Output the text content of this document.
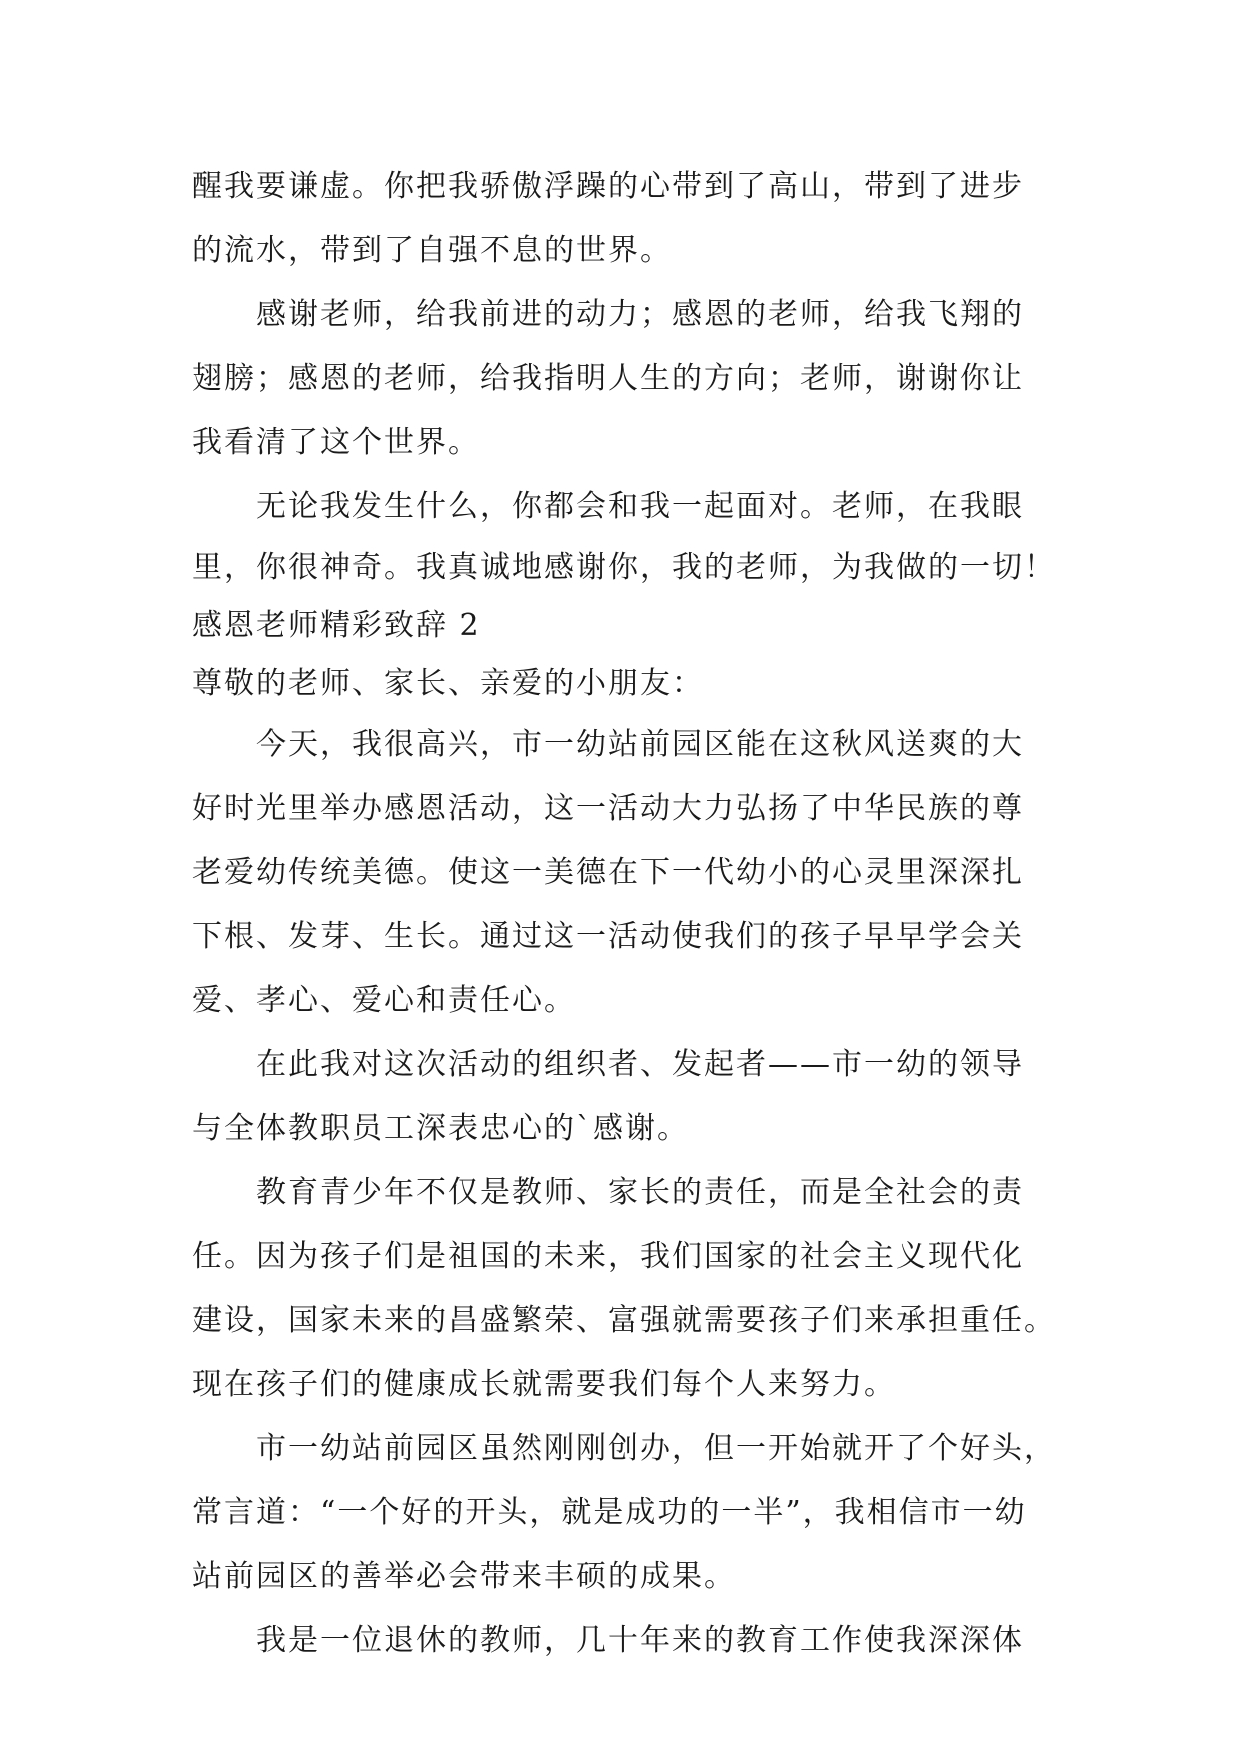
醒我要谦虚。你把我骄傲浮躁的心带到了高山，带到了进步
的流水，带到了自强不息的世界。
感谢老师，给我前进的动力；感恩的老师，给我飞翔的
翅膀；感恩的老师，给我指明人生的方向；老师，谢谢你让
我看清了这个世界。
无论我发生什么，你都会和我一起面对。老师，在我眼
里，你很神奇。我真诚地感谢你，我的老师，为我做的一切！
感恩老师精彩致辞 2
尊敬的老师、家长、亲爱的小朋友：
今天，我很高兴，市一幼站前园区能在这秋风送爽的大
好时光里举办感恩活动，这一活动大力弘扬了中华民族的尊
老爱幼传统美德。使这一美德在下一代幼小的心灵里深深扎
下根、发芽、生长。通过这一活动使我们的孩子早早学会关
爱、孝心、爱心和责任心。
在此我对这次活动的组织者、发起者——市一幼的领导
与全体教职员工深表忠心的`感谢。
教育青少年不仅是教师、家长的责任，而是全社会的责
任。因为孩子们是祖国的未来，我们国家的社会主义现代化
建设，国家未来的昌盛繁荣、富强就需要孩子们来承担重任。
现在孩子们的健康成长就需要我们每个人来努力。
市一幼站前园区虽然刚刚创办，但一开始就开了个好头，
常言道：“一个好的开头，就是成功的一半”，我相信市一幼
站前园区的善举必会带来丰硕的成果。
我是一位退休的教师，几十年来的教育工作使我深深体
